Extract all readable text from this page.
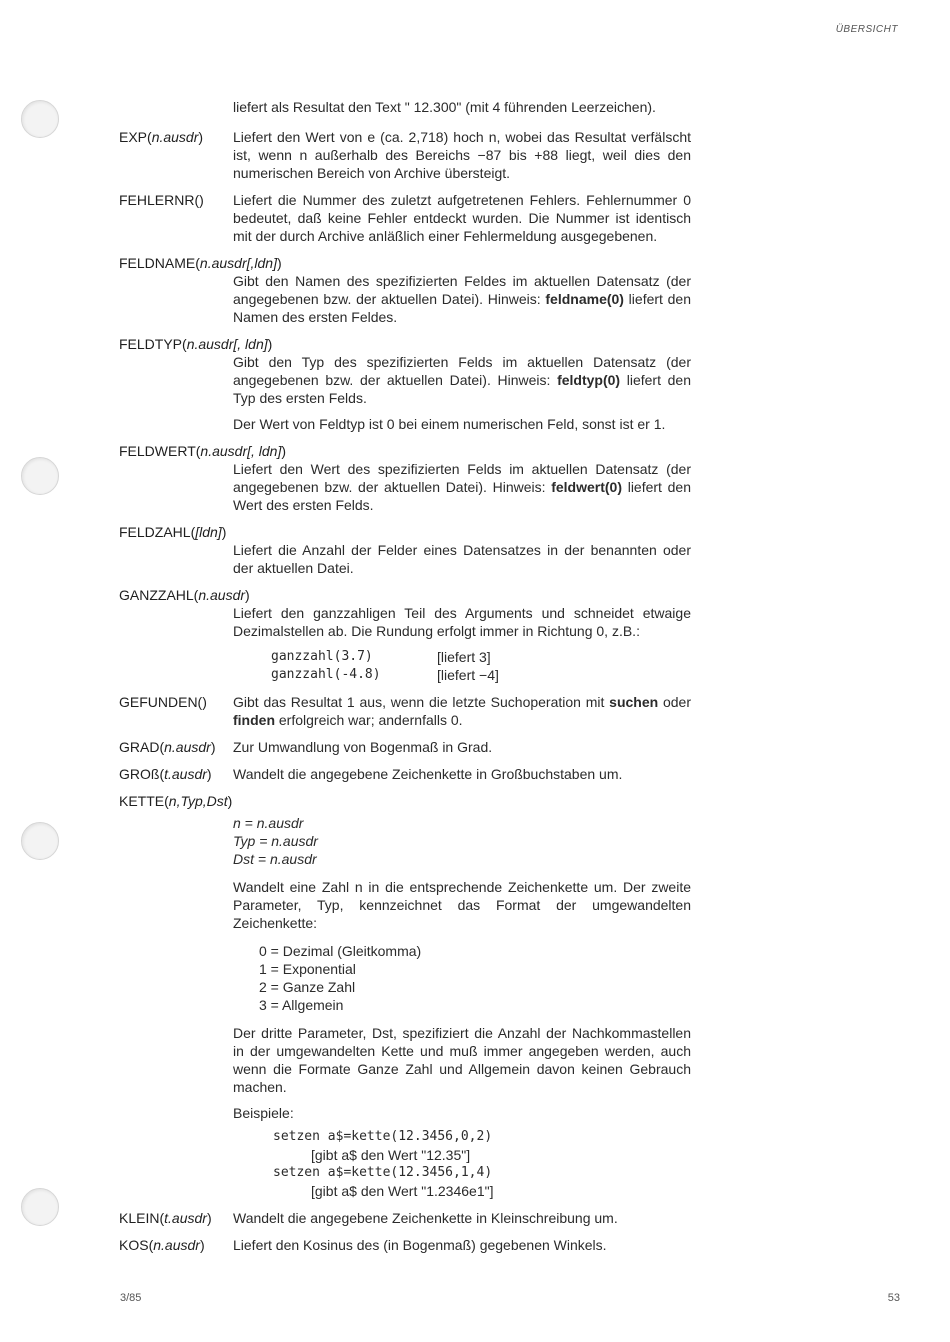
ÜBERSICHT

liefert als Resultat den Text " 12.300" (mit 4 führenden Leerzeichen).

EXP(n.ausdr)	Liefert den Wert von e (ca. 2,718) hoch n, wobei das Resultat verfälscht ist, wenn n außerhalb des Bereichs −87 bis +88 liegt, weil dies den numerischen Bereich von Archive übersteigt.

FEHLERNR()	Liefert die Nummer des zuletzt aufgetretenen Fehlers. Fehlernummer 0 bedeutet, daß keine Fehler entdeckt wurden. Die Nummer ist identisch mit der durch Archive anläßlich einer Fehlermeldung ausgegebenen.

FELDNAME(n.ausdr[,ldn])

Gibt den Namen des spezifizierten Feldes im aktuellen Datensatz (der angegebenen bzw. der aktuellen Datei). Hinweis: feldname(0) liefert den Namen des ersten Feldes.

FELDTYP(n.ausdr[, ldn])

Gibt den Typ des spezifizierten Felds im aktuellen Datensatz (der angegebenen bzw. der aktuellen Datei). Hinweis: feldtyp(0) liefert den Typ des ersten Felds.

Der Wert von Feldtyp ist 0 bei einem numerischen Feld, sonst ist er 1.

FELDWERT(n.ausdr[, ldn])

Liefert den Wert des spezifizierten Felds im aktuellen Datensatz (der angegebenen bzw. der aktuellen Datei). Hinweis: feldwert(0) liefert den Wert des ersten Felds.

FELDZAHL([ldn])

Liefert die Anzahl der Felder eines Datensatzes in der benannten oder der aktuellen Datei.

GANZZAHL(n.ausdr)

Liefert den ganzzahligen Teil des Arguments und schneidet etwaige Dezimalstellen ab. Die Rundung erfolgt immer in Richtung 0, z.B.:

ganzzahl(3.7)	[liefert 3]
ganzzahl(-4.8)	[liefert −4]
GEFUNDEN()	Gibt das Resultat 1 aus, wenn die letzte Suchoperation mit suchen oder finden erfolgreich war; andernfalls 0.

GRAD(n.ausdr)	Zur Umwandlung von Bogenmaß in Grad.

GROß(t.ausdr)	Wandelt die angegebene Zeichenkette in Großbuchstaben um.

KETTE(n,Typ,Dst)
n = n.ausdr
Typ = n.ausdr
Dst = n.ausdr

Wandelt eine Zahl n in die entsprechende Zeichenkette um. Der zweite Parameter, Typ, kennzeichnet das Format der umgewandelten Zeichenkette:

0 = Dezimal (Gleitkomma)
1 = Exponential
2 = Ganze Zahl
3 = Allgemein

Der dritte Parameter, Dst, spezifiziert die Anzahl der Nachkommastellen in der umgewandelten Kette und muß immer angegeben werden, auch wenn die Formate Ganze Zahl und Allgemein davon keinen Gebrauch machen.

Beispiele:

setzen a$=kette(12.3456,0,2)
[gibt a$ den Wert "12.35"]
setzen a$=kette(12.3456,1,4)
[gibt a$ den Wert "1.2346e1"]
KLEIN(t.ausdr)	Wandelt die angegebene Zeichenkette in Kleinschreibung um.

KOS(n.ausdr)	Liefert den Kosinus des (in Bogenmaß) gegebenen Winkels.

3/85	53
